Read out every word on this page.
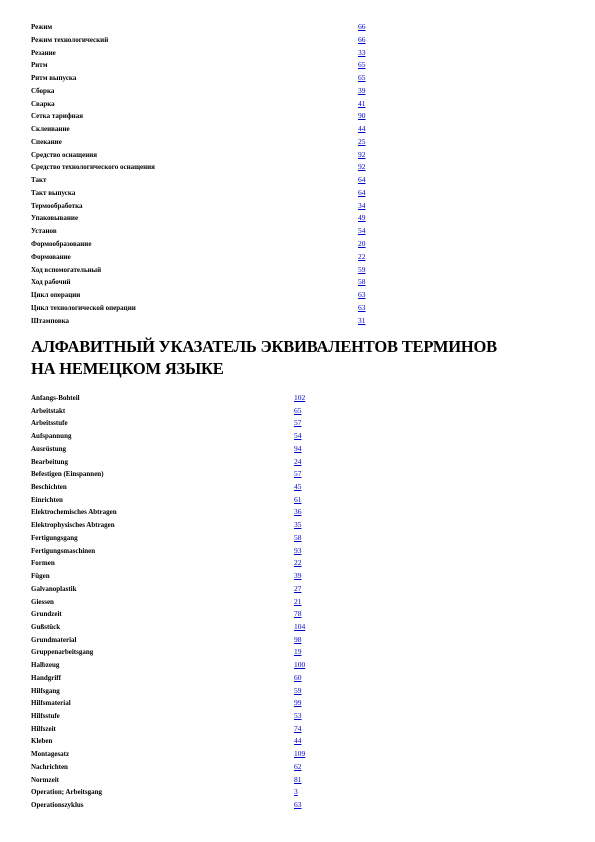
Режим	66
Режим технологический	66
Резание	33
Ритм	65
Ритм выпуска	65
Сборка	39
Сварка	41
Сетка тарифная	90
Склеивание	44
Спекание	25
Средство оснащения	92
Средство технологического оснащения	92
Такт	64
Такт выпуска	64
Термообработка	34
Упаковывание	49
Установ	54
Формообразование	20
Формование	22
Ход вспомогательный	59
Ход рабочий	58
Цикл операции	63
Цикл технологической операции	63
Штамповка	31
АЛФАВИТНЫЙ УКАЗАТЕЛЬ ЭКВИВАЛЕНТОВ ТЕРМИНОВ
НА НЕМЕЦКОМ ЯЗЫКЕ
Anfangs-Bohteil	102
Arbeitstakt	65
Arbeitsstufe	57
Aufspannung	54
Ausrüstung	94
Bearbeitung	24
Befestigen (Einspannen)	57
Beschichten	45
Einrichten	61
Elektrochemisches Abtragen	36
Elektrophysisches Abtragen	35
Fertigungsgang	58
Fertigungsmaschinen	93
Formen	22
Fügen	39
Galvanoplastik	27
Giessen	21
Grundzeit	78
Gußstück	104
Grundmaterial	98
Gruppenarbeitsgang	19
Halbzeug	100
Handgriff	60
Hilfsgang	59
Hilfsmaterial	99
Hilfsstufe	53
Hilfszeit	74
Kleben	44
Montagesatz	109
Nachrichten	62
Normzeit	81
Operation; Arbeitsgang	3
Operationszyklus	63
